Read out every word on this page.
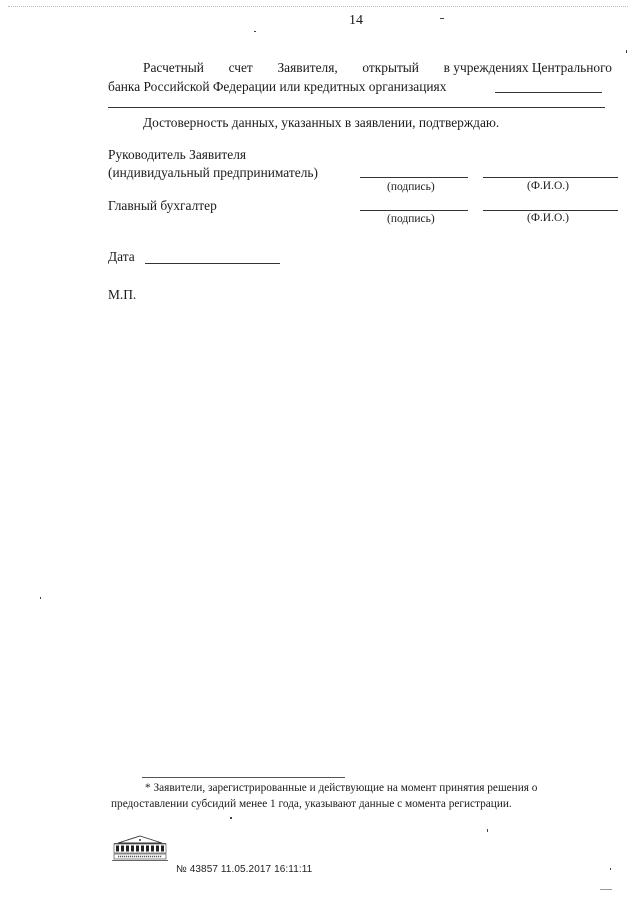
14
Расчетный счет Заявителя, открытый в учреждениях Центрального
банка Российской Федерации или кредитных организациях
Достоверность данных, указанных в заявлении, подтверждаю.
Руководитель Заявителя
(индивидуальный предприниматель)
(подпись)	(Ф.И.О.)
Главный бухгалтер
(подпись)	(Ф.И.О.)
Дата
М.П.
* Заявители, зарегистрированные и действующие на момент принятия решения о
предоставлении субсидий менее 1 года, указывают данные с момента регистрации.
№ 43857 11.05.2017 16:11:11
